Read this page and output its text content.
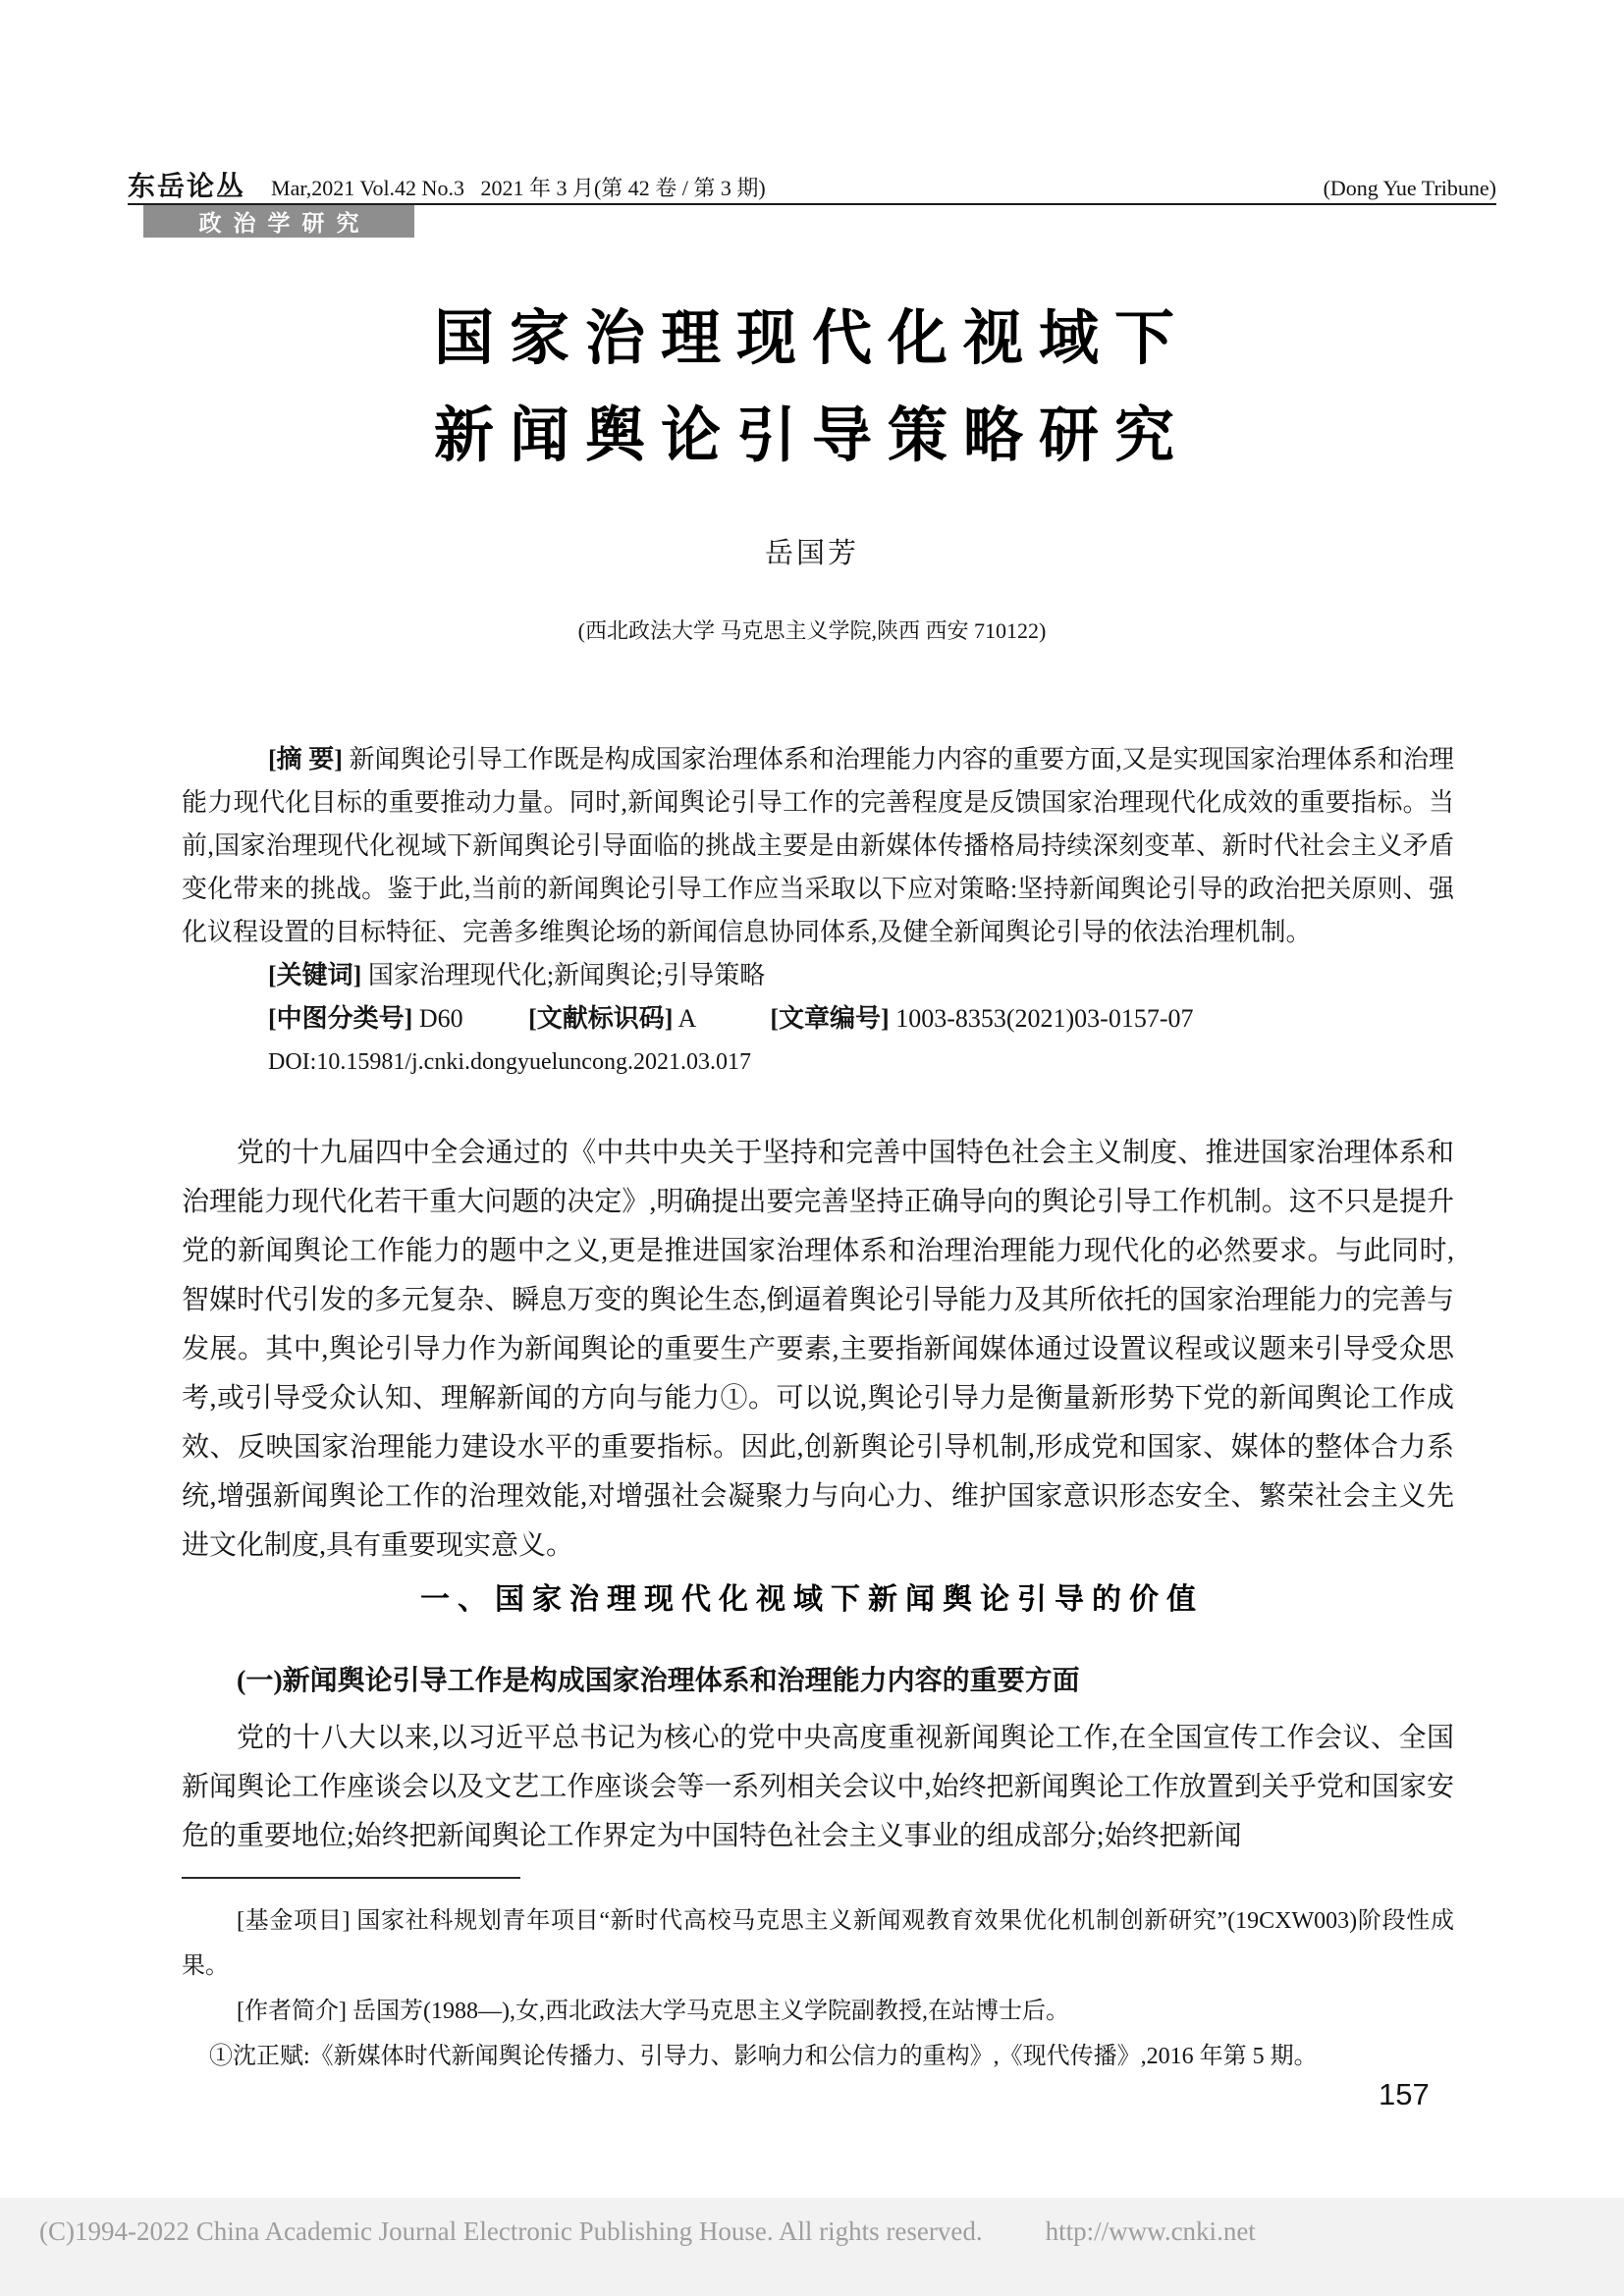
东岳论丛 Mar,2021 Vol.42 No.3   2021 年 3 月(第 42 卷 / 第 3 期)	(Dong Yue Tribune)
政治学研究
国家治理现代化视域下
新闻舆论引导策略研究
岳国芳
(西北政法大学 马克思主义学院,陕西 西安 710122)

[摘 要] 新闻舆论引导工作既是构成国家治理体系和治理能力内容的重要方面,又是实现国家治理体系和治理能力现代化目标的重要推动力量。同时,新闻舆论引导工作的完善程度是反馈国家治理现代化成效的重要指标。当前,国家治理现代化视域下新闻舆论引导面临的挑战主要是由新媒体传播格局持续深刻变革、新时代社会主义矛盾变化带来的挑战。鉴于此,当前的新闻舆论引导工作应当采取以下应对策略:坚持新闻舆论引导的政治把关原则、强化议程设置的目标特征、完善多维舆论场的新闻信息协同体系,及健全新闻舆论引导的依法治理机制。

[关键词] 国家治理现代化;新闻舆论;引导策略

[中图分类号] D60	[文献标识码] A	[文章编号] 1003-8353(2021)03-0157-07

DOI:10.15981/j.cnki.dongyueluncong.2021.03.017

党的十九届四中全会通过的《中共中央关于坚持和完善中国特色社会主义制度、推进国家治理体系和治理能力现代化若干重大问题的决定》,明确提出要完善坚持正确导向的舆论引导工作机制。这不只是提升党的新闻舆论工作能力的题中之义,更是推进国家治理体系和治理治理能力现代化的必然要求。与此同时,智媒时代引发的多元复杂、瞬息万变的舆论生态,倒逼着舆论引导能力及其所依托的国家治理能力的完善与发展。其中,舆论引导力作为新闻舆论的重要生产要素,主要指新闻媒体通过设置议程或议题来引导受众思考,或引导受众认知、理解新闻的方向与能力①。可以说,舆论引导力是衡量新形势下党的新闻舆论工作成效、反映国家治理能力建设水平的重要指标。因此,创新舆论引导机制,形成党和国家、媒体的整体合力系统,增强新闻舆论工作的治理效能,对增强社会凝聚力与向心力、维护国家意识形态安全、繁荣社会主义先进文化制度,具有重要现实意义。

一、国家治理现代化视域下新闻舆论引导的价值
(一)新闻舆论引导工作是构成国家治理体系和治理能力内容的重要方面

党的十八大以来,以习近平总书记为核心的党中央高度重视新闻舆论工作,在全国宣传工作会议、全国新闻舆论工作座谈会以及文艺工作座谈会等一系列相关会议中,始终把新闻舆论工作放置到关乎党和国家安危的重要地位;始终把新闻舆论工作界定为中国特色社会主义事业的组成部分;始终把新闻

[基金项目] 国家社科规划青年项目“新时代高校马克思主义新闻观教育效果优化机制创新研究”(19CXW003)阶段性成果。

[作者简介] 岳国芳(1988—),女,西北政法大学马克思主义学院副教授,在站博士后。

①沈正赋:《新媒体时代新闻舆论传播力、引导力、影响力和公信力的重构》,《现代传播》,2016 年第 5 期。

157
(C)1994-2022 China Academic Journal Electronic Publishing House. All rights reserved. http://www.cnki.net
